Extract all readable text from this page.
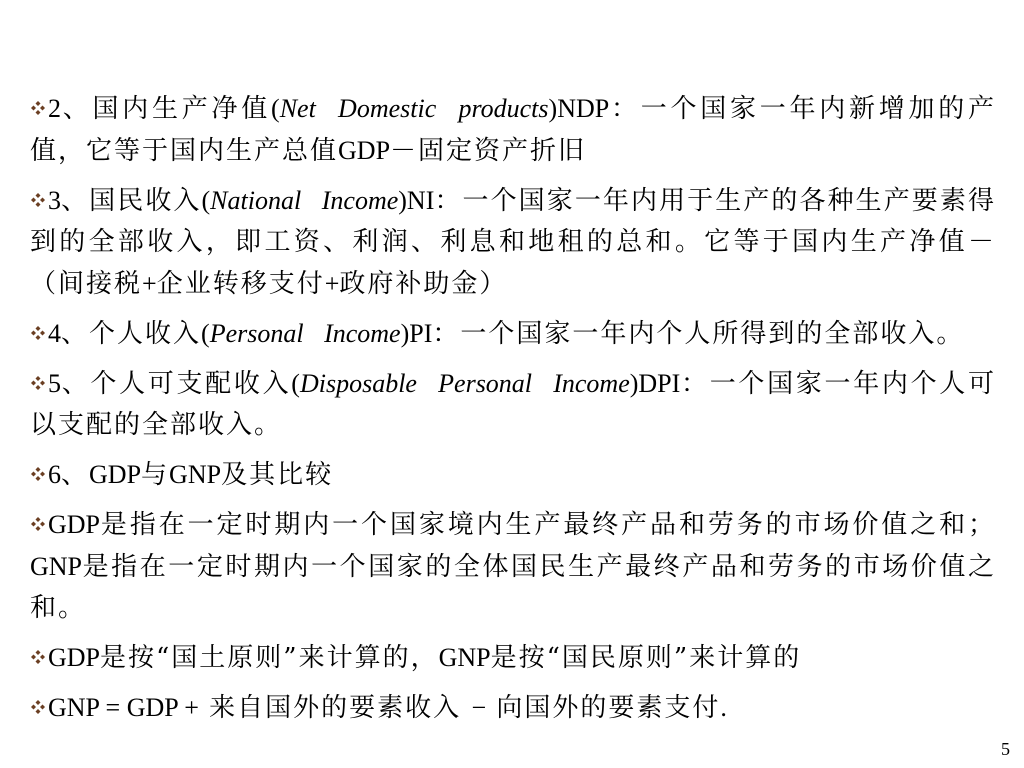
2、国内生产净值(Net Domestic products)NDP：一个国家一年内新增加的产值，它等于国内生产总值GDP－固定资产折旧
3、国民收入(National Income)NI：一个国家一年内用于生产的各种生产要素得到的全部收入，即工资、利润、利息和地租的总和。它等于国内生产净值－（间接税+企业转移支付+政府补助金）
4、个人收入(Personal Income)PI：一个国家一年内个人所得到的全部收入。
5、个人可支配收入(Disposable Personal Income)DPI：一个国家一年内个人可以支配的全部收入。
6、GDP与GNP及其比较
GDP是指在一定时期内一个国家境内生产最终产品和劳务的市场价值之和；GNP是指在一定时期内一个国家的全体国民生产最终产品和劳务的市场价值之和。
GDP是按“国土原则”来计算的，GNP是按“国民原则”来计算的
GNP = GDP + 来自国外的要素收入 − 向国外的要素支付.
5
